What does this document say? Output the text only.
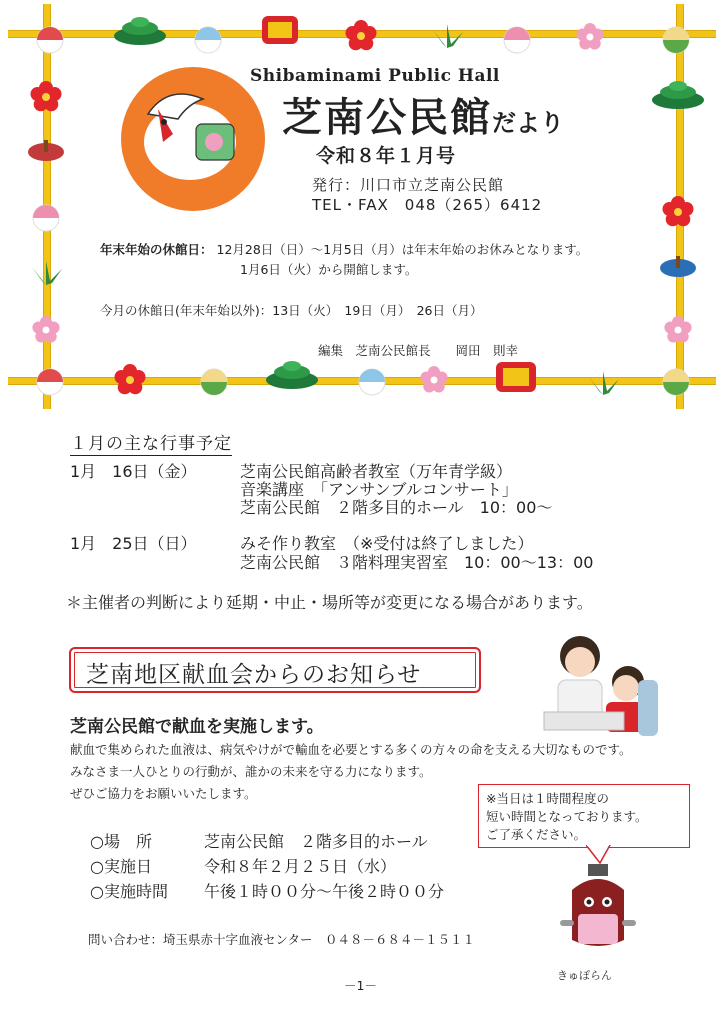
Shibaminami Public Hall
芝南公民館だより
令和８年１月号
発行：川口市立芝南公民館
TEL・FAX　048（265）6412
年末年始の休館日： 12月28日（日）～1月5日（月）は年末年始のお休みとなります。
1月6日（火）から開館します。
今月の休館日(年末年始以外)：13日（火）　19日（月）　26日（月）
編集　芝南公民館長　　岡田　則幸
１月の主な行事予定
1月　16日（金）	芝南公民館高齢者教室（万年青学級）
音楽講座　「アンサンブルコンサート」
芝南公民館　２階多目的ホール　10：00～
1月　25日（日）	みそ作り教室　（※受付は終了しました）
芝南公民館　３階料理実習室　10：00～13：00
＊主催者の判断により延期・中止・場所等が変更になる場合があります。
芝南地区献血会からのお知らせ
芝南公民館で献血を実施します。
献血で集められた血液は、病気やけがで輸血を必要とする多くの方々の命を支える大切なものです。
みなさま一人ひとりの行動が、誰かの未来を守る力になります。
ぜひご協力をお願いいたします。	※当日は１時間程度の
短い時間となっております。
ご了承ください。
○場　所	芝南公民館　２階多目的ホール
○実施日	令和８年２月２５日（水）
○実施時間 午後１時００分～午後２時００分
問い合わせ：埼玉県赤十字血液センター　０４８－６８４－１５１１
きゅぽらん
－1－
